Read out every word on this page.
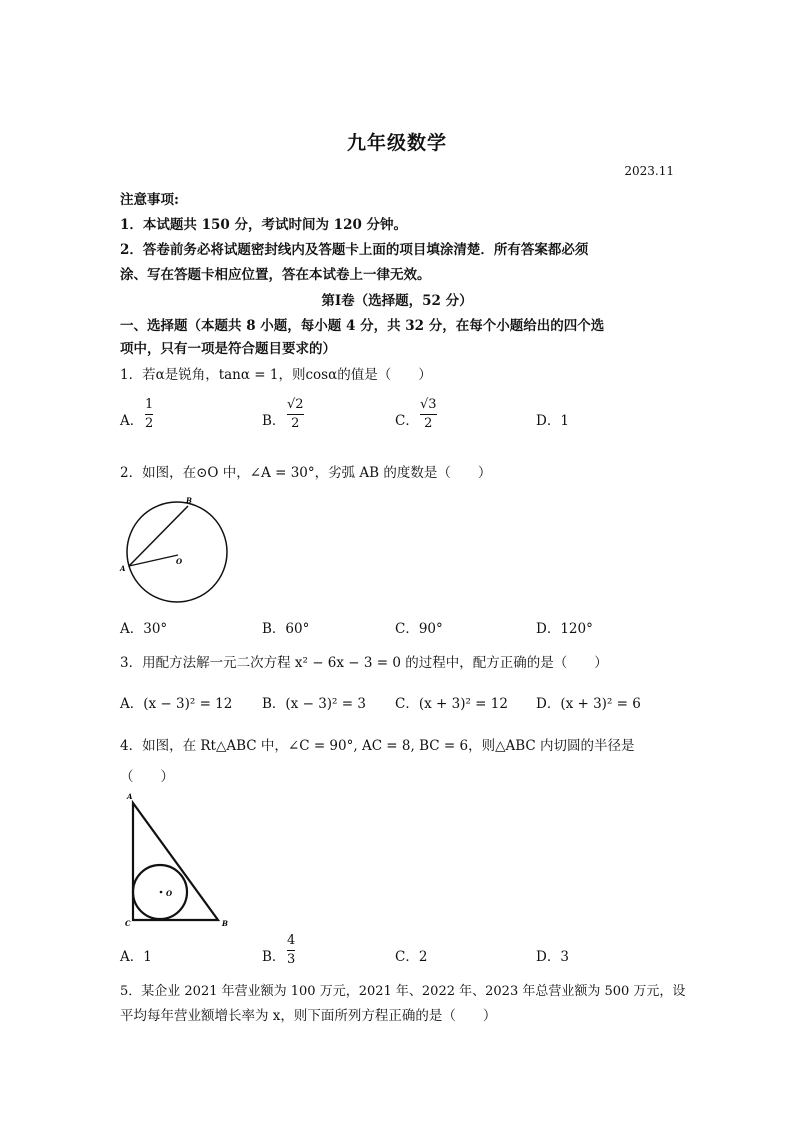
九年级数学
2023.11
注意事项:
1．本试题共 150 分，考试时间为 120 分钟。
2．答卷前务必将试题密封线内及答题卡上面的项目填涂清楚．所有答案都必须
涂、写在答题卡相应位置，答在本试卷上一律无效。
第Ⅰ卷（选择题，52 分）
一、选择题（本题共 8 小题，每小题 4 分，共 32 分，在每个小题给出的四个选
项中，只有一项是符合题目要求的）
1．若α是锐角，tanα = 1，则cosα的值是（　　）
A．
1
2	B．
√2
2	C．
√3
2	D．1
2．如图，在⊙O 中，∠A = 30°，劣弧 AB 的度数是（　　）
A
B
O
A．30°	B．60°	C．90°	D．120°
3．用配方法解一元二次方程 x² − 6x − 3 = 0 的过程中，配方正确的是（　　）
A．(x − 3)² = 12 B．(x − 3)² = 3 C．(x + 3)² = 12 D．(x + 3)² = 6
4．如图，在 Rt△ABC 中，∠C = 90°, AC = 8, BC = 6，则△ABC 内切圆的半径是
（　　）
A
B
C
O
A．1	B．
4
3	C．2	D．3
5．某企业 2021 年营业额为 100 万元，2021 年、2022 年、2023 年总营业额为 500 万元，设
平均每年营业额增长率为 x，则下面所列方程正确的是（　　）
